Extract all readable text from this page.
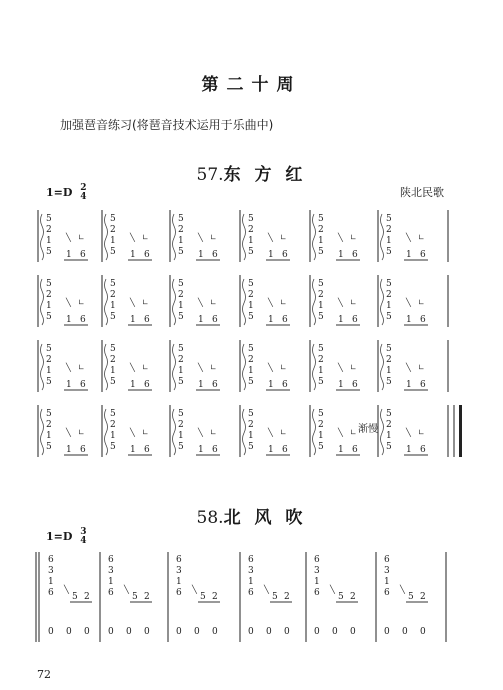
第二十周
加强琶音练习(将琶音技术运用于乐曲中)
57.东 方 红
1=D 2
4	陕北民歌
58.北 风 吹
1=D 3
4
72
5
2
1
5
╲ ∟
1 6
5
2
1
5
╲ ∟
1 6
5
2
1
5
╲ ∟
1 6
5
2
1
5
╲ ∟
1 6
5
2
1
5
╲ ∟
1 6
5
2
1
5
╲ ∟
1 6
5
2
1
5
╲ ∟
1 6
5
2
1
5
╲ ∟
1 6
5
2
1
5
╲ ∟
1 6
5
2
1
5
╲ ∟
1 6
5
2
1
5
╲ ∟
1 6
5
2
1
5
╲ ∟
1 6
5
2
1
5
╲ ∟
1 6
5
2
1
5
╲ ∟
1 6
5
2
1
5
╲ ∟
1 6
5
2
1
5
╲ ∟
1 6
5
2
1
5
╲ ∟
1 6
5
2
1
5
╲ ∟
1 6
5
2
1
5
╲ ∟
1 6
5
2
1
5
╲ ∟
1 6
5
2
1
5
╲ ∟
1 6
5
2
1
5
╲ ∟
1 6
5
2
1
5
╲ ∟
1 6
5
2
1
5
╲ ∟
1 6
6
3
1
6 ╲
5 2
0 0 0
6
3
1
6 ╲
5 2
0 0 0
6
3
1
6 ╲
5 2
0 0 0
6
3
1
6 ╲
5 2
0 0 0
6
3
1
6 ╲
5 2
0 0 0
6
3
1
6 ╲
5 2
0 0 0
渐慢
